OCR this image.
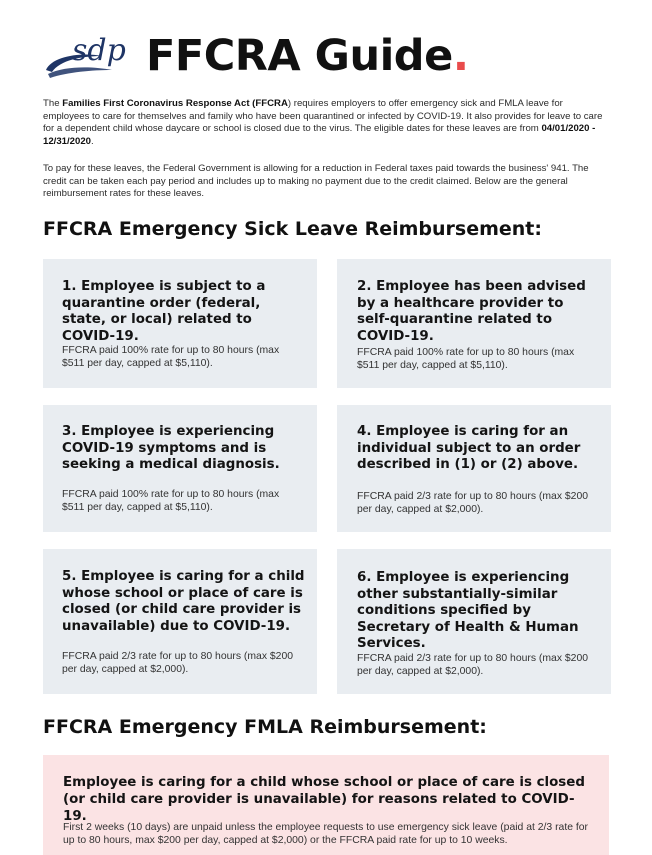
sdp FFCRA Guide.
The Families First Coronavirus Response Act (FFCRA) requires employers to offer emergency sick and FMLA leave for employees to care for themselves and family who have been quarantined or infected by COVID-19. It also provides for leave to care for a dependent child whose daycare or school is closed due to the virus. The eligible dates for these leaves are from 04/01/2020 - 12/31/2020.
To pay for these leaves, the Federal Government is allowing for a reduction in Federal taxes paid towards the business' 941. The credit can be taken each pay period and includes up to making no payment due to the credit claimed. Below are the general reimbursement rates for these leaves.
FFCRA Emergency Sick Leave Reimbursement:
1. Employee is subject to a quarantine order (federal, state, or local) related to COVID-19.
FFCRA paid 100% rate for up to 80 hours (max $511 per day, capped at $5,110).
2. Employee has been advised by a healthcare provider to self-quarantine related to COVID-19.
FFCRA paid 100% rate for up to 80 hours (max $511 per day, capped at $5,110).
3. Employee is experiencing COVID-19 symptoms and is seeking a medical diagnosis.
FFCRA paid 100% rate for up to 80 hours (max $511 per day, capped at $5,110).
4. Employee is caring for an individual subject to an order described in (1) or (2) above.
FFCRA paid 2/3 rate for up to 80 hours (max $200 per day, capped at $2,000).
5. Employee is caring for a child whose school or place of care is closed (or child care provider is unavailable) due to COVID-19.
FFCRA paid 2/3 rate for up to 80 hours (max $200 per day, capped at $2,000).
6. Employee is experiencing other substantially-similar conditions specified by Secretary of Health & Human Services.
FFCRA paid 2/3 rate for up to 80 hours (max $200 per day, capped at $2,000).
FFCRA Emergency FMLA Reimbursement:
Employee is caring for a child whose school or place of care is closed (or child care provider is unavailable) for reasons related to COVID-19.
First 2 weeks (10 days) are unpaid unless the employee requests to use emergency sick leave (paid at 2/3 rate for up to 80 hours, max $200 per day, capped at $2,000) or the FFCRA paid rate for up to 10 weeks.
